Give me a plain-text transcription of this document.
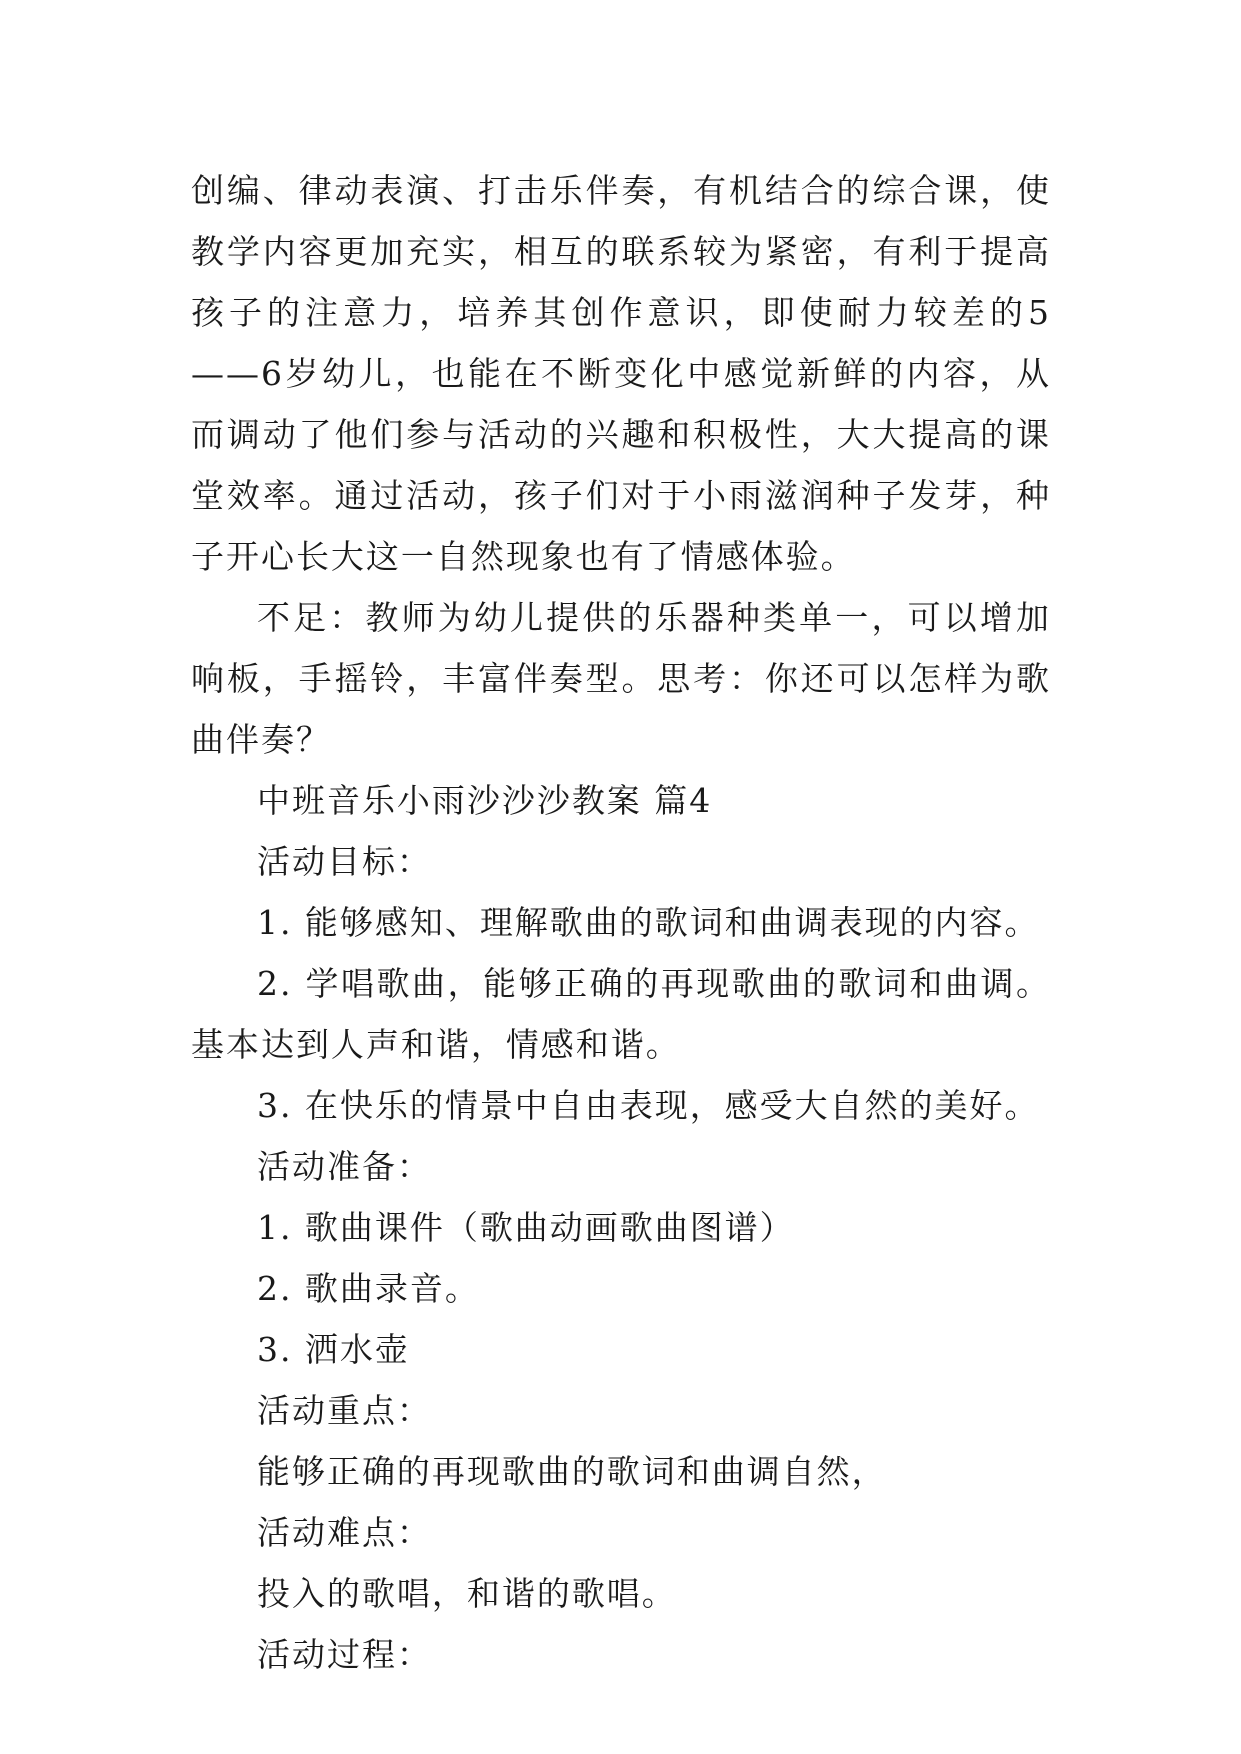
创编、律动表演、打击乐伴奏，有机结合的综合课，使教学内容更加充实，相互的联系较为紧密，有利于提高孩子的注意力，培养其创作意识，即使耐力较差的5——6岁幼儿，也能在不断变化中感觉新鲜的内容，从而调动了他们参与活动的兴趣和积极性，大大提高的课堂效率。通过活动，孩子们对于小雨滋润种子发芽，种子开心长大这一自然现象也有了情感体验。

不足：教师为幼儿提供的乐器种类单一，可以增加响板，手摇铃，丰富伴奏型。思考：你还可以怎样为歌曲伴奏？

中班音乐小雨沙沙沙教案 篇4

活动目标：

1. 能够感知、理解歌曲的歌词和曲调表现的内容。

2. 学唱歌曲，能够正确的再现歌曲的歌词和曲调。基本达到人声和谐，情感和谐。

3. 在快乐的情景中自由表现，感受大自然的美好。

活动准备：

1. 歌曲课件（歌曲动画歌曲图谱）

2. 歌曲录音。

3. 洒水壶

活动重点：

能够正确的再现歌曲的歌词和曲调自然，

活动难点：

投入的歌唱，和谐的歌唱。

活动过程：
